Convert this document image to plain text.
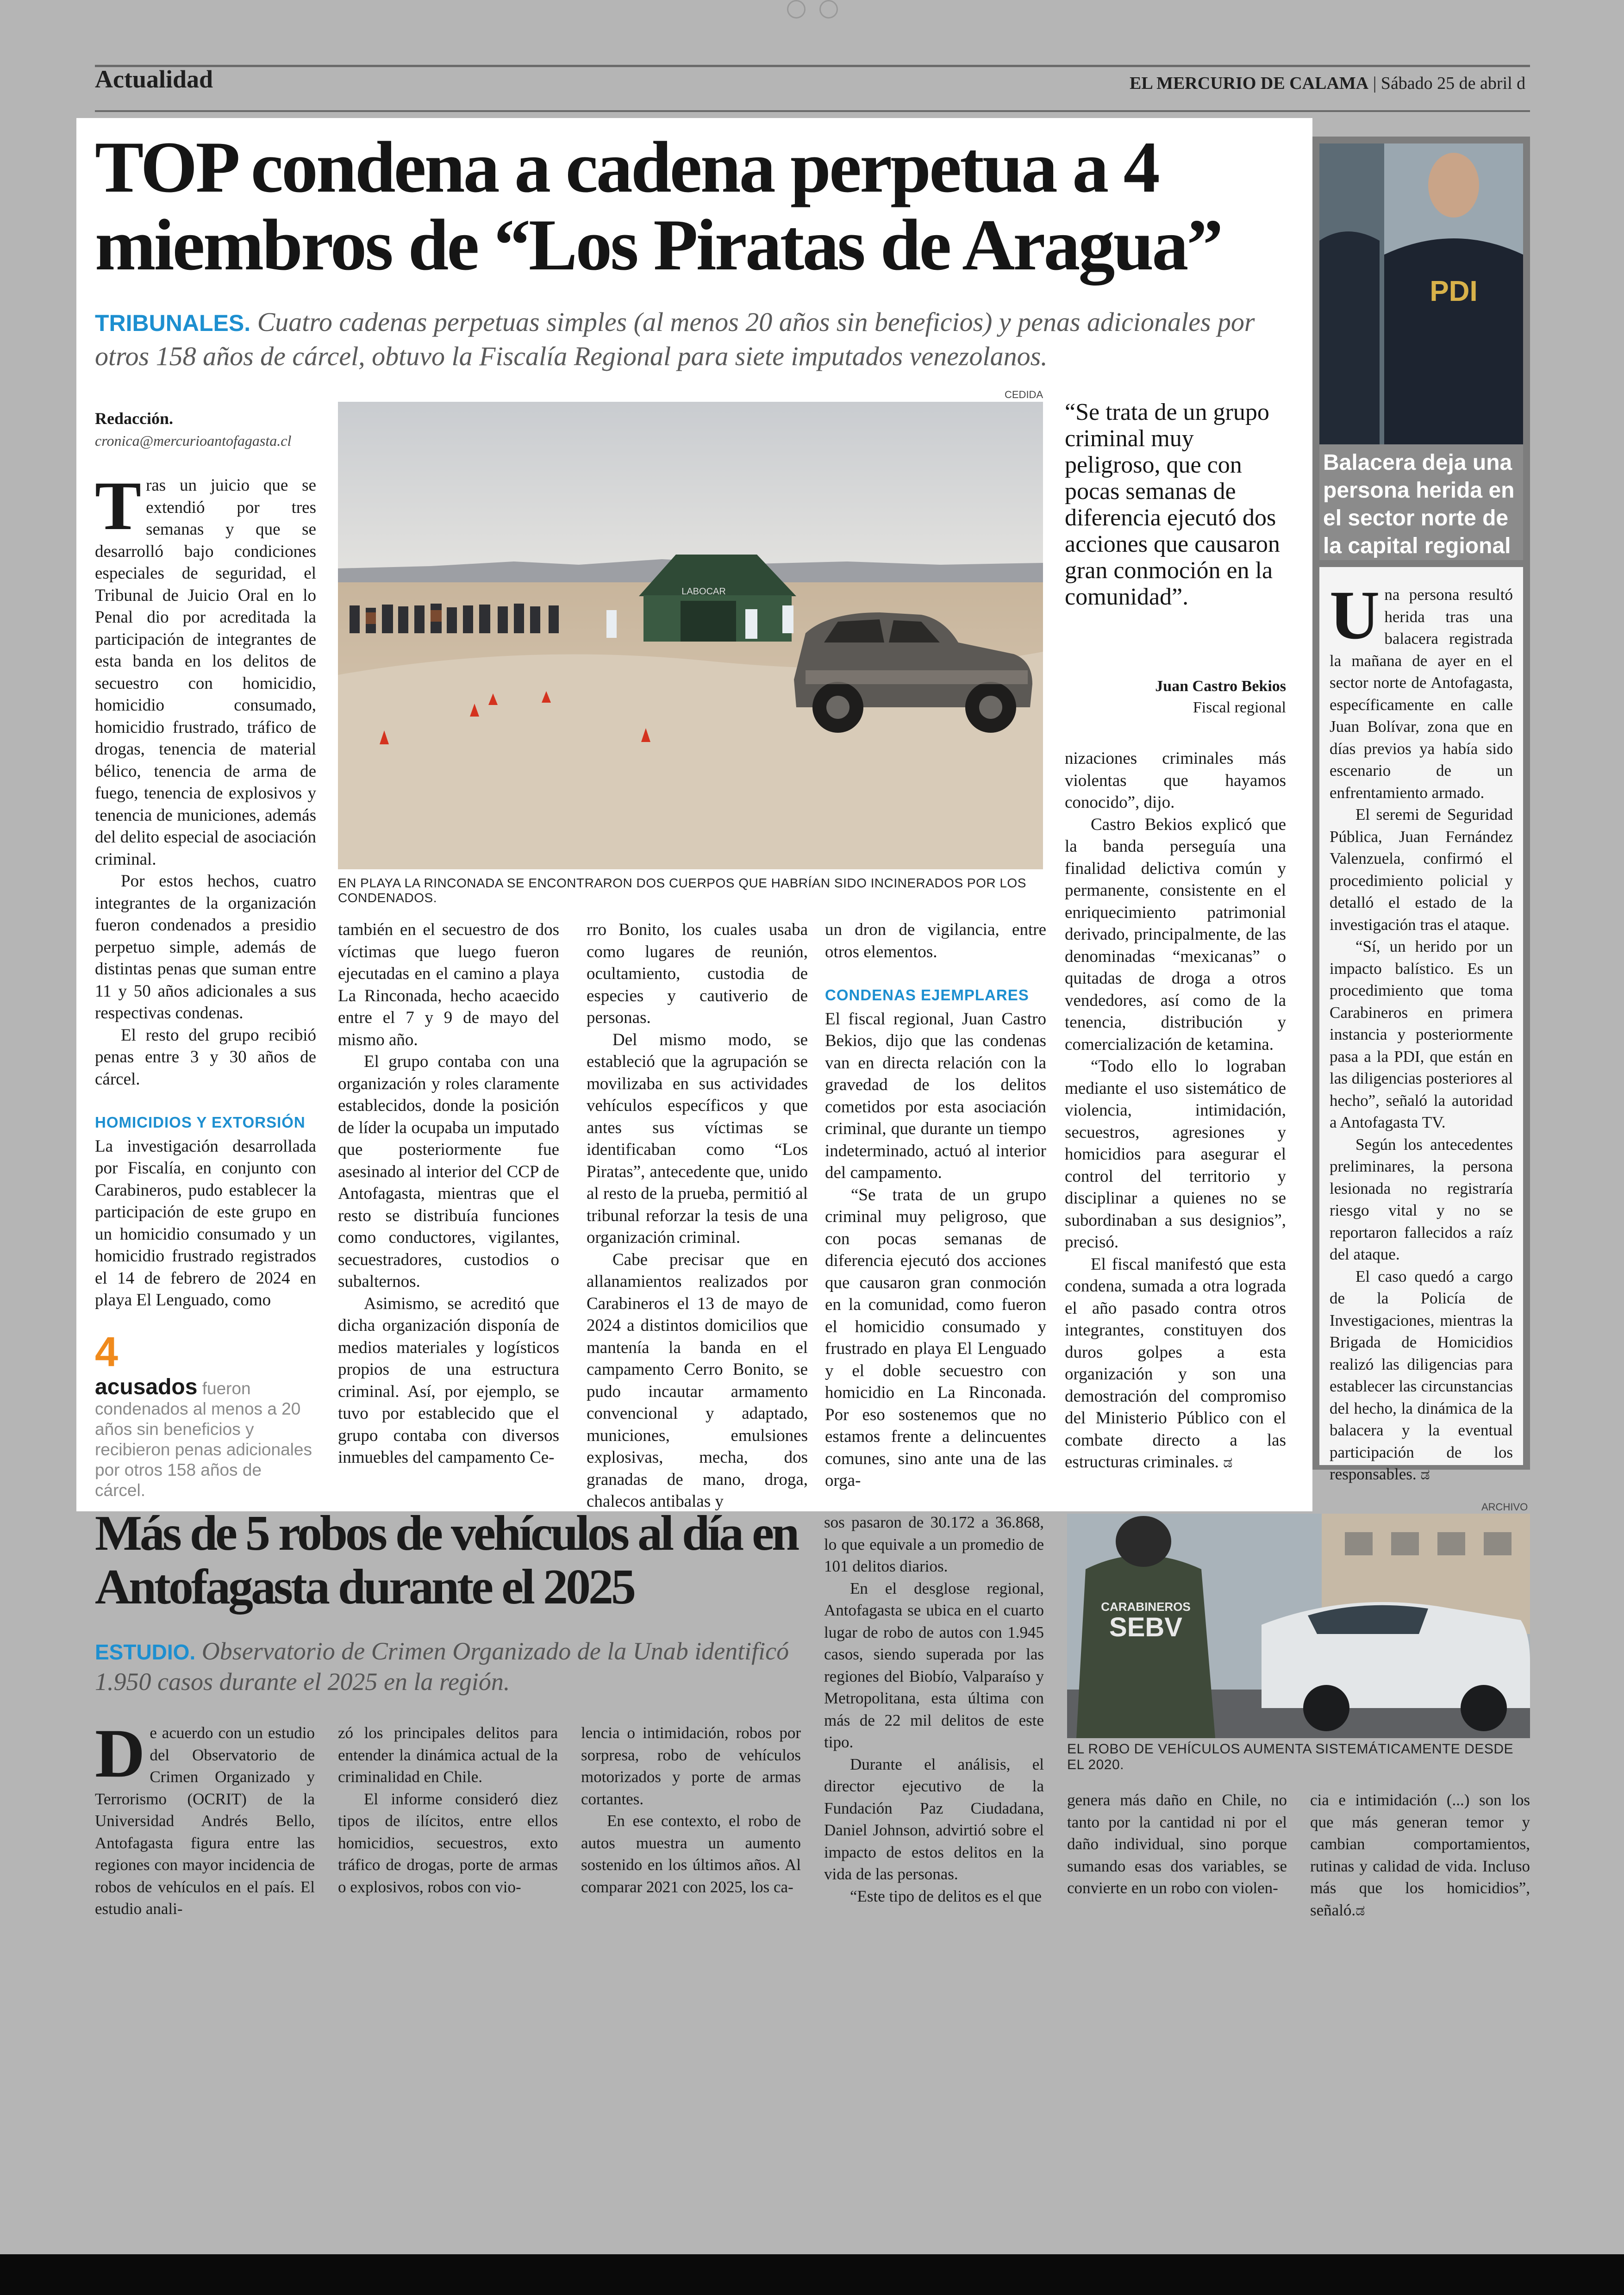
Actualidad	EL MERCURIO DE CALAMA | Sábado 25 de abril d
TOP condena a cadena perpetua a 4 miembros de “Los Piratas de Aragua”
TRIBUNALES. Cuatro cadenas perpetuas simples (al menos 20 años sin beneficios) y penas adicionales por otros 158 años de cárcel, obtuvo la Fiscalía Regional para siete imputados venezolanos.
Redacción.
cronica@mercurioantofagasta.cl

Tras un juicio que se extendió por tres semanas y que se desarrolló bajo condiciones especiales de seguridad, el Tribunal de Juicio Oral en lo Penal dio por acreditada la participación de integrantes de esta banda en los delitos de secuestro con homicidio, homicidio consumado, homicidio frustrado, tráfico de drogas, tenencia de material bélico, tenencia de arma de fuego, tenencia de explosivos y tenencia de municiones, además del delito especial de asociación criminal.

Por estos hechos, cuatro integrantes de la organización fueron condenados a presidio perpetuo simple, además de distintas penas que suman entre 11 y 50 años adicionales a sus respectivas condenas.

El resto del grupo recibió penas entre 3 y 30 años de cárcel.

HOMICIDIOS Y EXTORSIÓN

La investigación desarrollada por Fiscalía, en conjunto con Carabineros, pudo establecer la participación de este grupo en un homicidio consumado y un homicidio frustrado registrados el 14 de febrero de 2024 en playa El Lenguado, como

4
acusados fueron condenados al menos a 20 años sin beneficios y recibieron penas adicionales por otros 158 años de cárcel.
CEDIDA
LABOCAR
EN PLAYA LA RINCONADA SE ENCONTRARON DOS CUERPOS QUE HABRÍAN SIDO INCINERADOS POR LOS CONDENADOS.

también en el secuestro de dos víctimas que luego fueron ejecutadas en el camino a playa La Rinconada, hecho acaecido entre el 7 y 9 de mayo del mismo año.

El grupo contaba con una organización y roles claramente establecidos, donde la posición de líder la ocupaba un imputado que posteriormente fue asesinado al interior del CCP de Antofagasta, mientras que el resto se distribuía funciones como conductores, vigilantes, secuestradores, custodios o subalternos.

Asimismo, se acreditó que dicha organización disponía de medios materiales y logísticos propios de una estructura criminal. Así, por ejemplo, se tuvo por establecido que el grupo contaba con diversos inmuebles del campamento Ce-

rro Bonito, los cuales usaba como lugares de reunión, ocultamiento, custodia de especies y cautiverio de personas.

Del mismo modo, se estableció que la agrupación se movilizaba en sus actividades vehículos específicos y que antes sus víctimas se identificaban como “Los Piratas”, antecedente que, unido al resto de la prueba, permitió al tribunal reforzar la tesis de una organización criminal.

Cabe precisar que en allanamientos realizados por Carabineros el 13 de mayo de 2024 a distintos domicilios que mantenía la banda en el campamento Cerro Bonito, se pudo incautar armamento convencional y adaptado, municiones, emulsiones explosivas, mecha, dos granadas de mano, droga, chalecos antibalas y

un dron de vigilancia, entre otros elementos.

CONDENAS EJEMPLARES

El fiscal regional, Juan Castro Bekios, dijo que las condenas van en directa relación con la gravedad de los delitos cometidos por esta asociación criminal, que durante un tiempo indeterminado, actuó al interior del campamento.

“Se trata de un grupo criminal muy peligroso, que con pocas semanas de diferencia ejecutó dos acciones que causaron gran conmoción en la comunidad, como fueron el homicidio consumado y frustrado en playa El Lenguado y el doble secuestro con homicidio en La Rinconada. Por eso sostenemos que no estamos frente a delincuentes comunes, sino ante una de las orga-

“Se trata de un grupo criminal muy peligroso, que con pocas semanas de diferencia ejecutó dos acciones que causaron gran conmoción en la comunidad”.
Juan Castro Bekios
Fiscal regional

nizaciones criminales más violentas que hayamos conocido”, dijo.

Castro Bekios explicó que la banda perseguía una finalidad delictiva común y permanente, consistente en el enriquecimiento patrimonial derivado, principalmente, de las denominadas “mexicanas” o quitadas de droga a otros vendedores, así como de la tenencia, distribución y comercialización de ketamina.

“Todo ello lo lograban mediante el uso sistemático de violencia, intimidación, secuestros, agresiones y homicidios para asegurar el control del territorio y disciplinar a quienes no se subordinaban a sus designios”, precisó.

El fiscal manifestó que esta condena, sumada a otra lograda el año pasado contra otros integrantes, constituyen dos duros golpes a esta organización y son una demostración del compromiso del Ministerio Público con el combate directo a las estructuras criminales. ಡ

PDI
Balacera deja una persona herida en el sector norte de la capital regional

Una persona resultó herida tras una balacera registrada la mañana de ayer en el sector norte de Antofagasta, específicamente en calle Juan Bolívar, zona que en días previos ya había sido escenario de un enfrentamiento armado.

El seremi de Seguridad Pública, Juan Fernández Valenzuela, confirmó el procedimiento policial y detalló el estado de la investigación tras el ataque.

“Sí, un herido por un impacto balístico. Es un procedimiento que toma Carabineros en primera instancia y posteriormente pasa a la PDI, que están en las diligencias posteriores al hecho”, señaló la autoridad a Antofagasta TV.

Según los antecedentes preliminares, la persona lesionada no registraría riesgo vital y no se reportaron fallecidos a raíz del ataque.

El caso quedó a cargo de la Policía de Investigaciones, mientras la Brigada de Homicidios realizó las diligencias para establecer las circunstancias del hecho, la dinámica de la balacera y la eventual participación de los responsables. ಡ

Más de 5 robos de vehículos al día en Antofagasta durante el 2025
ESTUDIO. Observatorio de Crimen Organizado de la Unab identificó 1.950 casos durante el 2025 en la región.

De acuerdo con un estudio del Observatorio de Crimen Organizado y Terrorismo (OCRIT) de la Universidad Andrés Bello, Antofagasta figura entre las regiones con mayor incidencia de robos de vehículos en el país. El estudio anali-

zó los principales delitos para entender la dinámica actual de la criminalidad en Chile.

El informe consideró diez tipos de ilícitos, entre ellos homicidios, secuestros, exto tráfico de drogas, porte de armas o explosivos, robos con vio-

lencia o intimidación, robos por sorpresa, robo de vehículos motorizados y porte de armas cortantes.

En ese contexto, el robo de autos muestra un aumento sostenido en los últimos años. Al comparar 2021 con 2025, los ca-

sos pasaron de 30.172 a 36.868, lo que equivale a un promedio de 101 delitos diarios.

En el desglose regional, Antofagasta se ubica en el cuarto lugar de robo de autos con 1.945 casos, siendo superada por las regiones del Biobío, Valparaíso y Metropolitana, esta última con más de 22 mil delitos de este tipo.

Durante el análisis, el director ejecutivo de la Fundación Paz Ciudadana, Daniel Johnson, advirtió sobre el impacto de estos delitos en la vida de las personas.

“Este tipo de delitos es el que

genera más daño en Chile, no tanto por la cantidad ni por el daño individual, sino porque sumando esas dos variables, se convierte en un robo con violen-

cia e intimidación (...) son los que más generan temor y cambian comportamientos, rutinas y calidad de vida. Incluso más que los homicidios”, señaló.ಡ

ARCHIVO
CARABINEROS
SEBV
EL ROBO DE VEHÍCULOS AUMENTA SISTEMÁTICAMENTE DESDE EL 2020.
